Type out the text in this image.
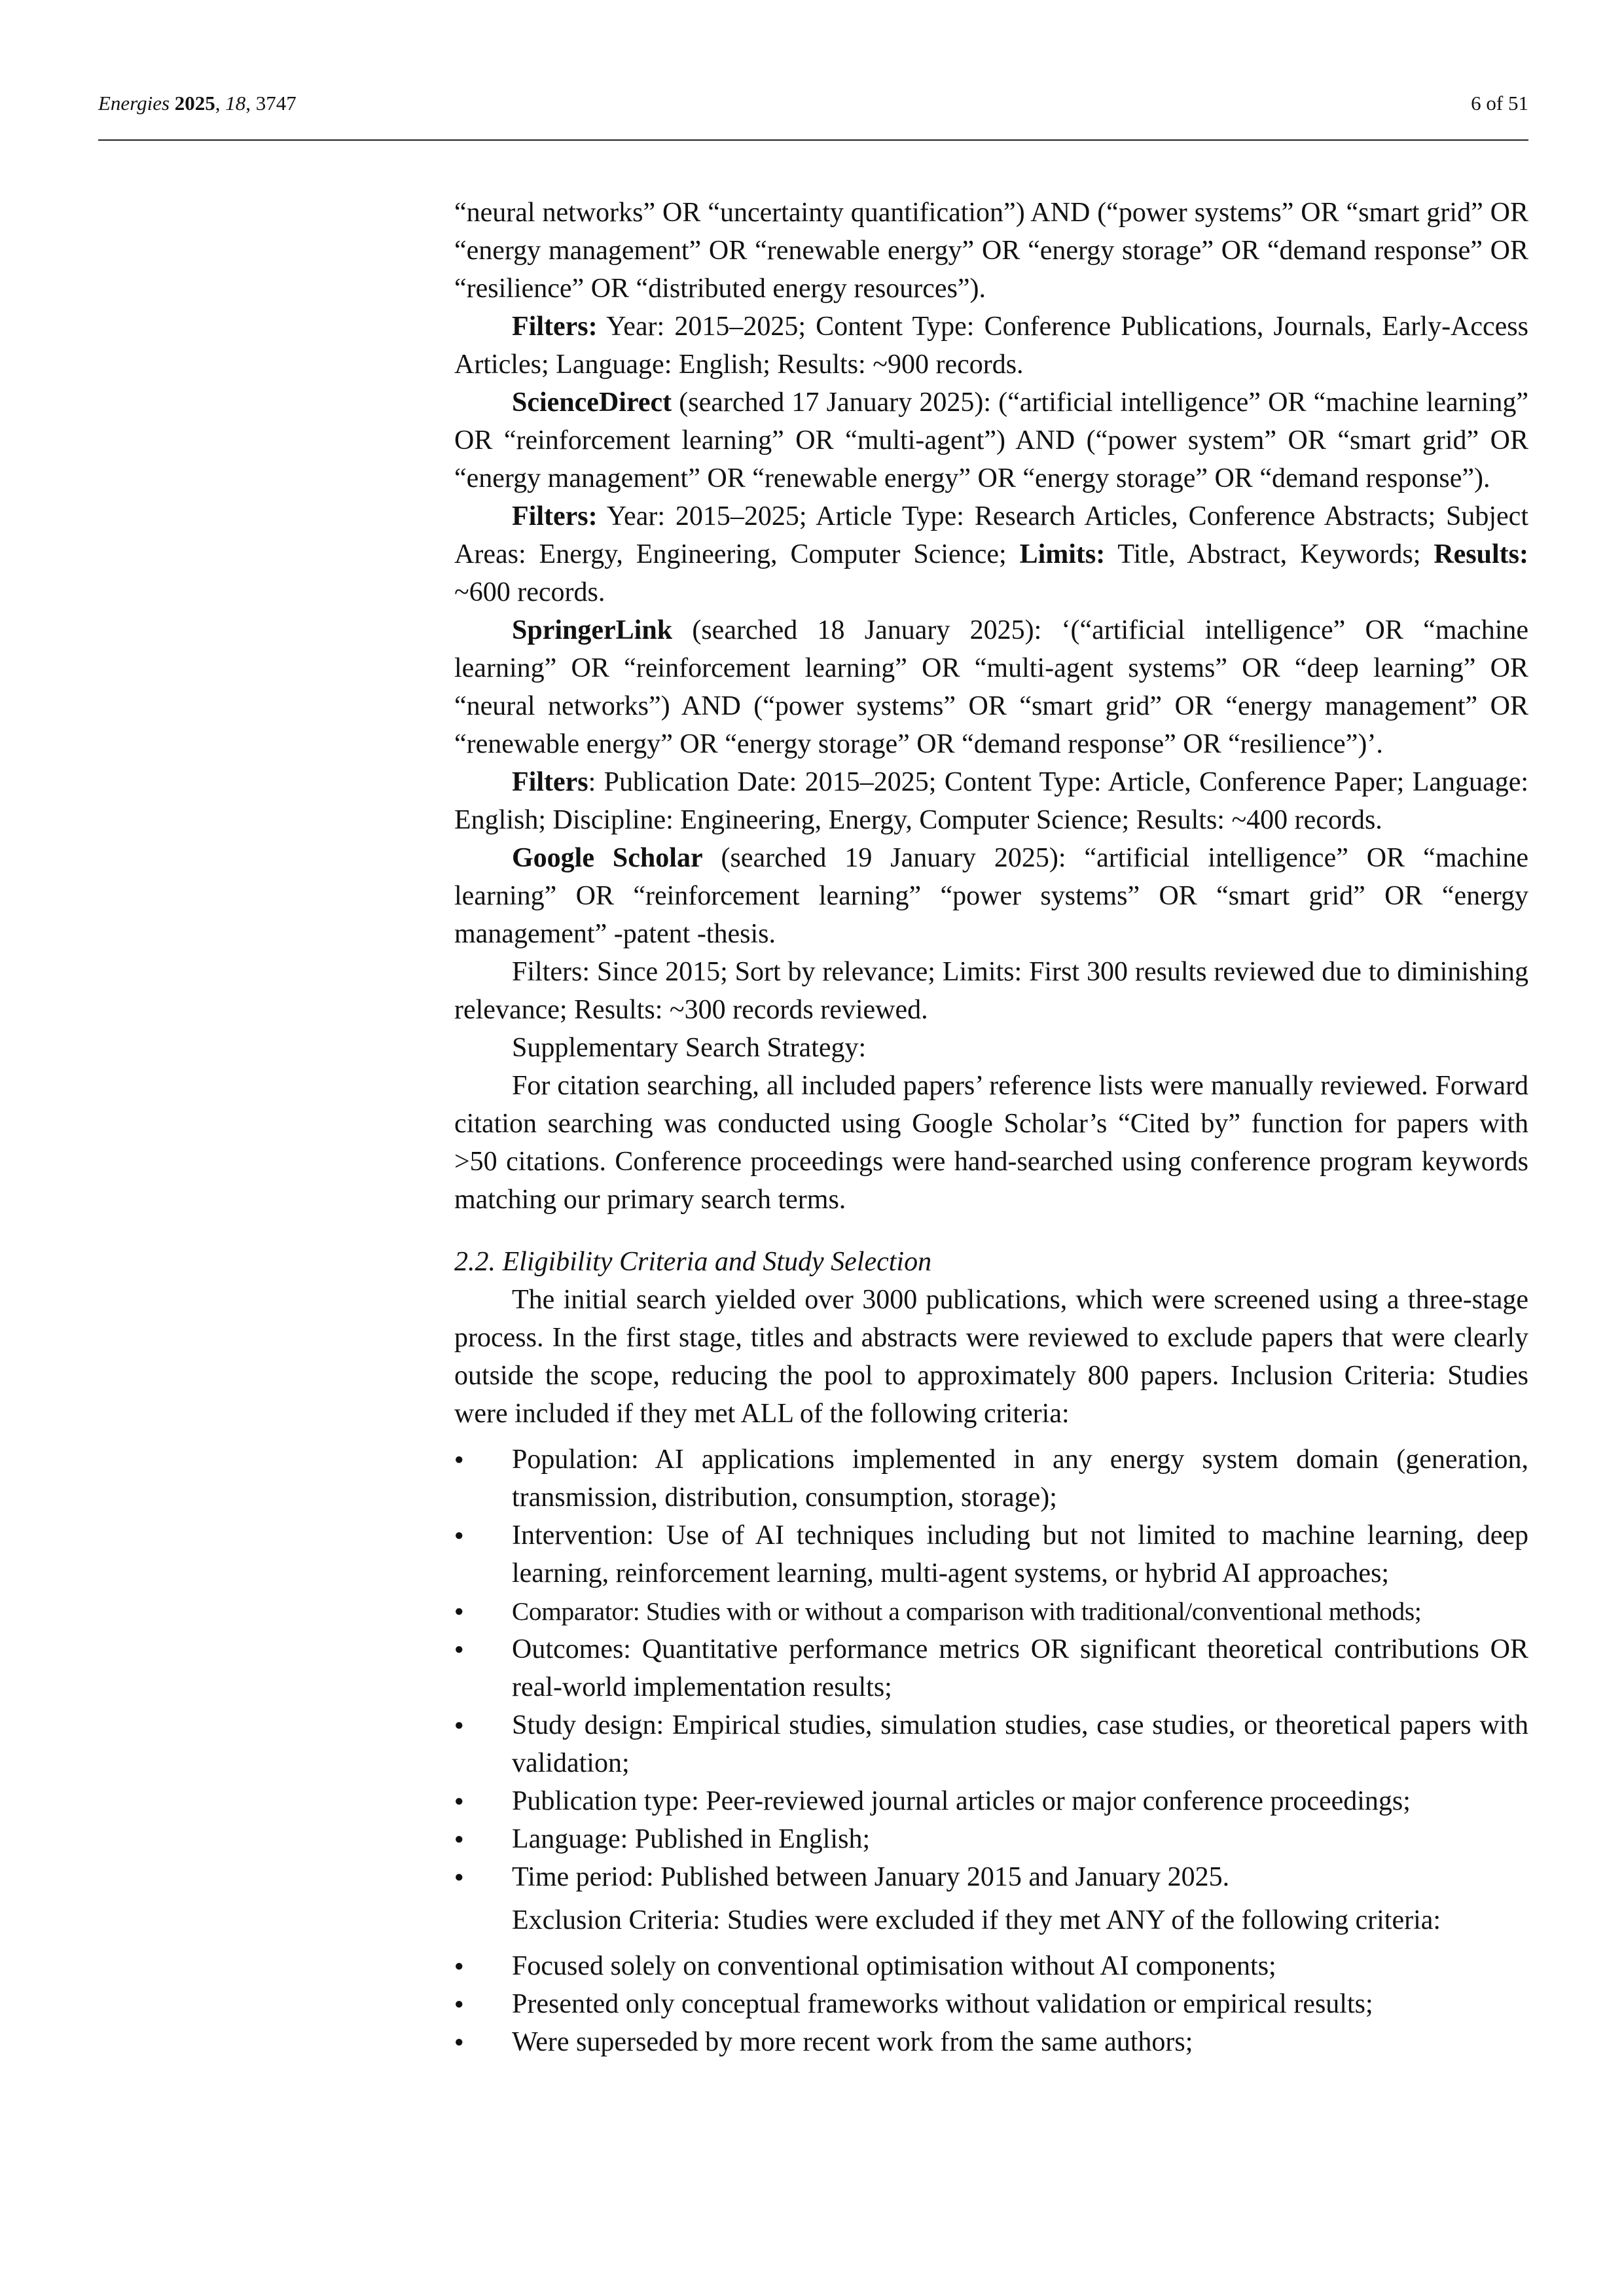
Energies 2025, 18, 3747	6 of 51

“neural networks” OR “uncertainty quantification”) AND (“power systems” OR “smart grid” OR “energy management” OR “renewable energy” OR “energy storage” OR “demand response” OR “resilience” OR “distributed energy resources”).

Filters: Year: 2015–2025; Content Type: Conference Publications, Journals, Early-Access Articles; Language: English; Results: ~900 records.

ScienceDirect (searched 17 January 2025): (“artificial intelligence” OR “machine learning” OR “reinforcement learning” OR “multi-agent”) AND (“power system” OR “smart grid” OR “energy management” OR “renewable energy” OR “energy storage” OR “demand response”).

Filters: Year: 2015–2025; Article Type: Research Articles, Conference Abstracts; Subject Areas: Energy, Engineering, Computer Science; Limits: Title, Abstract, Keywords; Results: ~600 records.

SpringerLink (searched 18 January 2025): ‘(“artificial intelligence” OR “machine learning” OR “reinforcement learning” OR “multi-agent systems” OR “deep learning” OR “neural networks”) AND (“power systems” OR “smart grid” OR “energy management” OR “renewable energy” OR “energy storage” OR “demand response” OR “resilience”)’.

Filters: Publication Date: 2015–2025; Content Type: Article, Conference Paper; Language: English; Discipline: Engineering, Energy, Computer Science; Results: ~400 records.

Google Scholar (searched 19 January 2025): “artificial intelligence” OR “machine learning” OR “reinforcement learning” “power systems” OR “smart grid” OR “energy management” -patent -thesis.

Filters: Since 2015; Sort by relevance; Limits: First 300 results reviewed due to diminishing relevance; Results: ~300 records reviewed.

Supplementary Search Strategy:

For citation searching, all included papers’ reference lists were manually reviewed. Forward citation searching was conducted using Google Scholar’s “Cited by” function for papers with >50 citations. Conference proceedings were hand-searched using conference program keywords matching our primary search terms.

2.2. Eligibility Criteria and Study Selection

The initial search yielded over 3000 publications, which were screened using a three-stage process. In the first stage, titles and abstracts were reviewed to exclude papers that were clearly outside the scope, reducing the pool to approximately 800 papers. Inclusion Criteria: Studies were included if they met ALL of the following criteria:

● Population: AI applications implemented in any energy system domain (generation, transmission, distribution, consumption, storage);
● Intervention: Use of AI techniques including but not limited to machine learning, deep learning, reinforcement learning, multi-agent systems, or hybrid AI approaches;
● Comparator: Studies with or without a comparison with traditional/conventional methods;
● Outcomes: Quantitative performance metrics OR significant theoretical contributions OR real-world implementation results;
● Study design: Empirical studies, simulation studies, case studies, or theoretical papers with validation;
● Publication type: Peer-reviewed journal articles or major conference proceedings;
● Language: Published in English;
● Time period: Published between January 2015 and January 2025.

Exclusion Criteria: Studies were excluded if they met ANY of the following criteria:

● Focused solely on conventional optimisation without AI components;
● Presented only conceptual frameworks without validation or empirical results;
● Were superseded by more recent work from the same authors;
